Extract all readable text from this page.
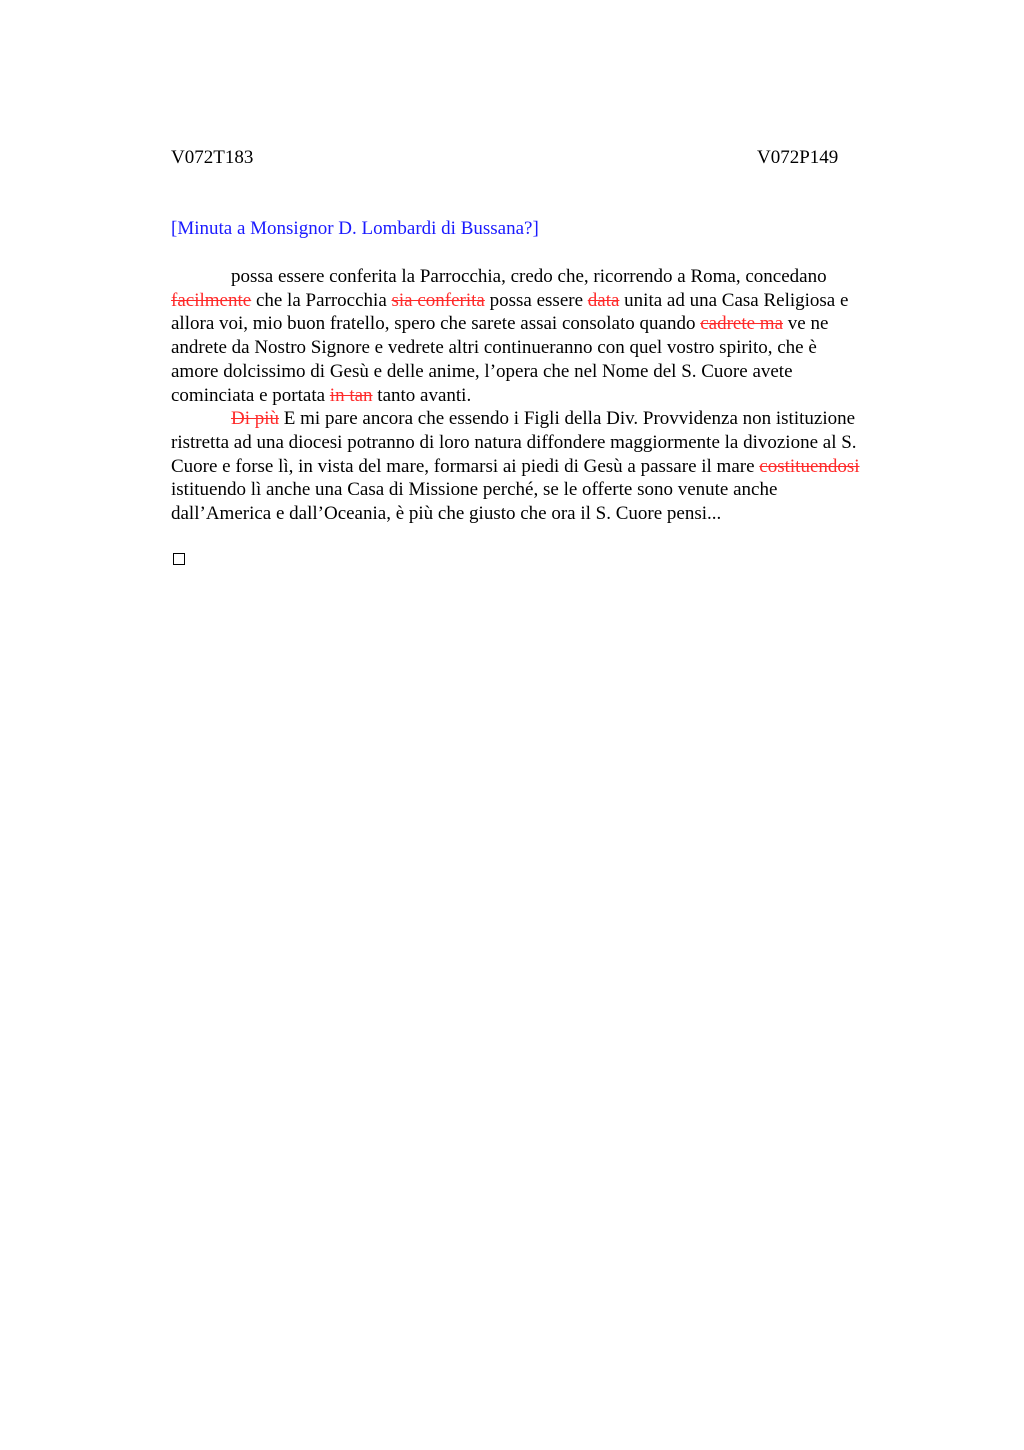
V072T183	V072P149
[Minuta a Monsignor D. Lombardi di Bussana?]
possa essere conferita la Parrocchia, credo che, ricorrendo a Roma, concedano
facilmente che la Parrocchia sia conferita possa essere data unita ad una Casa Religiosa e
allora voi, mio buon fratello, spero che sarete assai consolato quando cadrete ma ve ne
andrete da Nostro Signore e vedrete altri continueranno con quel vostro spirito, che è
amore dolcissimo di Gesù e delle anime, l’opera che nel Nome del S. Cuore avete
cominciata e portata in tan tanto avanti.
Di più E mi pare ancora che essendo i Figli della Div. Provvidenza non istituzione
ristretta ad una diocesi potranno di loro natura diffondere maggiormente la divozione al S.
Cuore e forse lì, in vista del mare, formarsi ai piedi di Gesù a passare il mare costituendosi
istituendo lì anche una Casa di Missione perché, se le offerte sono venute anche
dall’America e dall’Oceania, è più che giusto che ora il S. Cuore pensi...
